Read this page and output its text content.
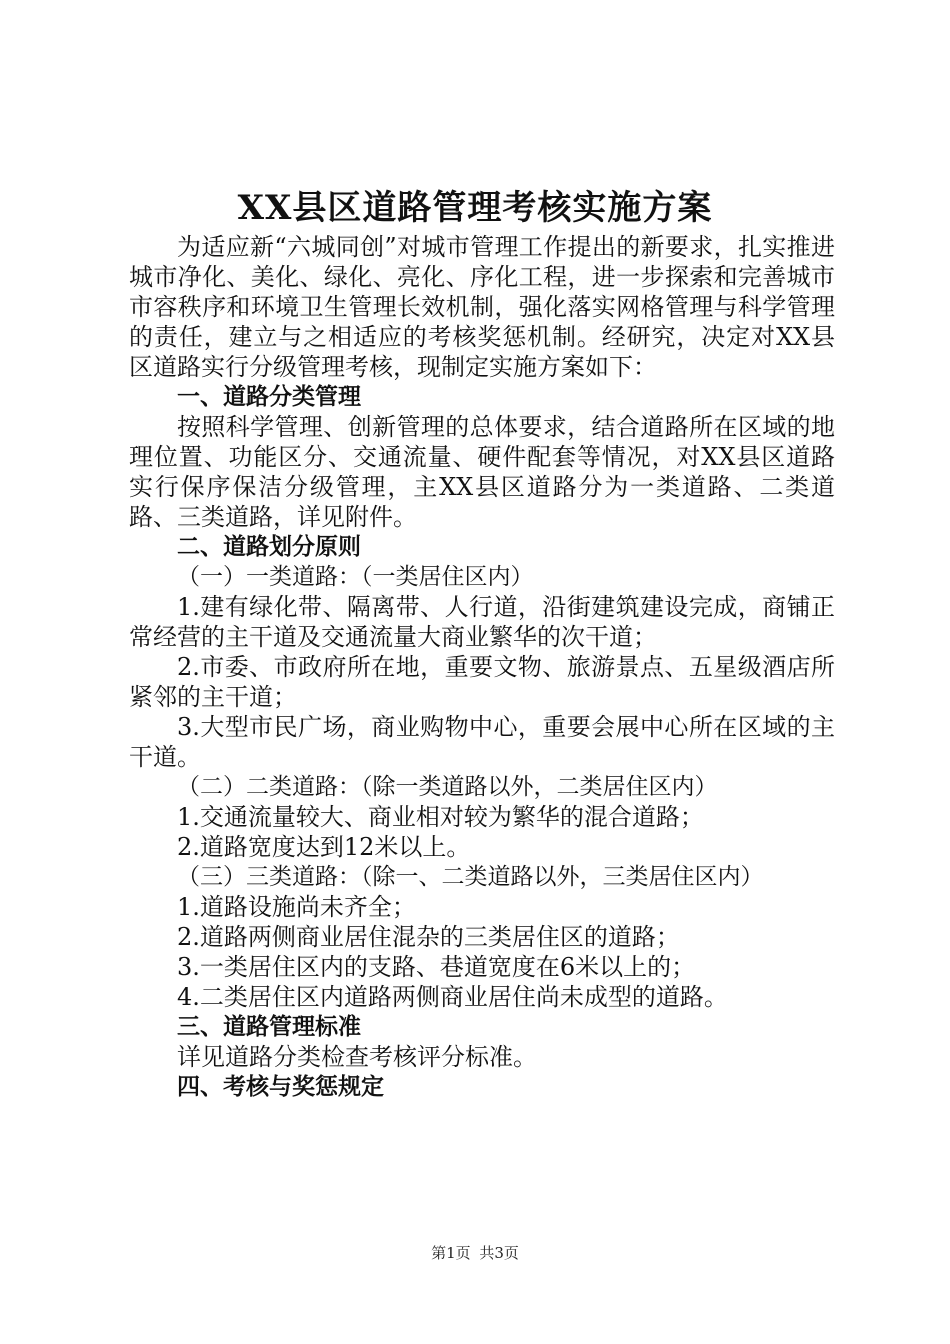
XX县区道路管理考核实施方案

为适应新“六城同创”对城市管理工作提出的新要求，扎实推进城市净化、美化、绿化、亮化、序化工程，进一步探索和完善城市市容秩序和环境卫生管理长效机制，强化落实网格管理与科学管理的责任，建立与之相适应的考核奖惩机制。经研究，决定对XX县区道路实行分级管理考核，现制定实施方案如下：

一、道路分类管理

按照科学管理、创新管理的总体要求，结合道路所在区域的地理位置、功能区分、交通流量、硬件配套等情况，对XX县区道路实行保序保洁分级管理，主XX县区道路分为一类道路、二类道路、三类道路，详见附件。

二、道路划分原则

（一）一类道路：（一类居住区内）

1.建有绿化带、隔离带、人行道，沿街建筑建设完成，商铺正常经营的主干道及交通流量大商业繁华的次干道；

2.市委、市政府所在地，重要文物、旅游景点、五星级酒店所紧邻的主干道；

3.大型市民广场，商业购物中心，重要会展中心所在区域的主干道。

（二）二类道路：（除一类道路以外，二类居住区内）

1.交通流量较大、商业相对较为繁华的混合道路；

2.道路宽度达到12米以上。

（三）三类道路：（除一、二类道路以外，三类居住区内）

1.道路设施尚未齐全；

2.道路两侧商业居住混杂的三类居住区的道路；

3.一类居住区内的支路、巷道宽度在6米以上的；

4.二类居住区内道路两侧商业居住尚未成型的道路。

三、道路管理标准

详见道路分类检查考核评分标准。

四、考核与奖惩规定

第1页 共3页
